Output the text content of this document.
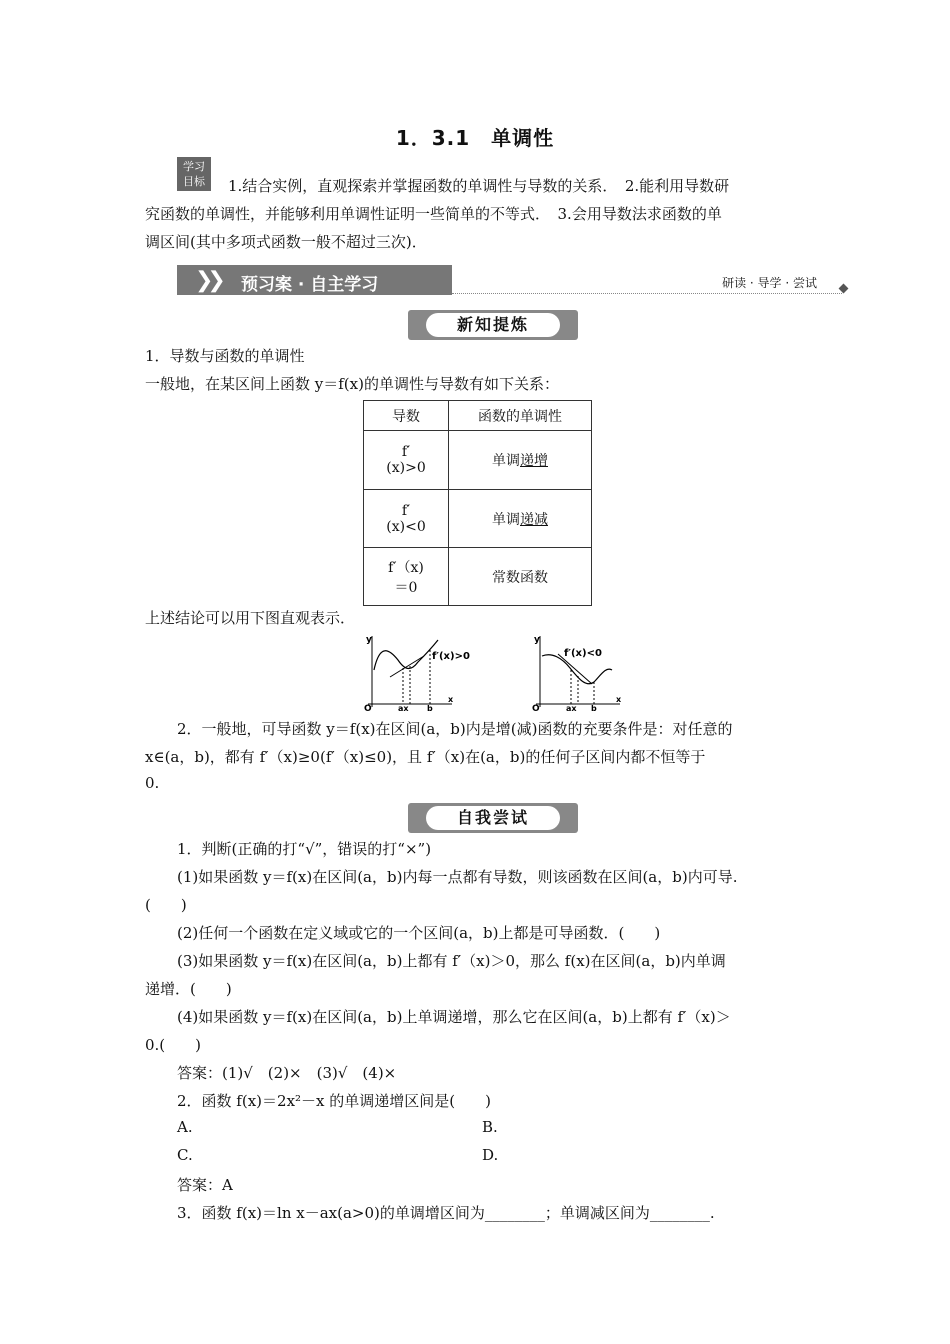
1．3.1　单调性
学习
目标	1.结合实例，直观探索并掌握函数的单调性与导数的关系．　2.能利用导数研
究函数的单调性，并能够利用单调性证明一些简单的不等式．　3.会用导数法求函数的单
调区间(其中多项式函数一般不超过三次)．
❯❯ 预习案 · 自主学习	研读 · 导学 · 尝试
新知提炼
1．导数与函数的单调性
一般地，在某区间上函数 y＝f(x)的单调性与导数有如下关系：
导数	函数的单调性

f′
(x)>0	单调递增

f′
(x)<0	单调递减

f′（x)
＝0	常数函数
上述结论可以用下图直观表示．
y
O	ax b
x
f′(x)>0
y
O	ax b
x
f′(x)<0
2．一般地，可导函数 y＝f(x)在区间(a，b)内是增(减)函数的充要条件是：对任意的
x∈(a，b)，都有 f′（x)≥0(f′（x)≤0)，且 f′（x)在(a，b)的任何子区间内都不恒等于
0.
自我尝试
1．判断(正确的打“√”，错误的打“×”)
(1)如果函数 y＝f(x)在区间(a，b)内每一点都有导数，则该函数在区间(a，b)内可导.
(　　)
(2)任何一个函数在定义域或它的一个区间(a，b)上都是可导函数．(　　)
(3)如果函数 y＝f(x)在区间(a，b)上都有 f′（x)＞0，那么 f(x)在区间(a，b)内单调
递增．(　　)
(4)如果函数 y＝f(x)在区间(a，b)上单调递增，那么它在区间(a，b)上都有 f′（x)＞
0.(　　)
答案：(1)√　(2)×　(3)√　(4)×
2．函数 f(x)＝2x²－x 的单调递增区间是(　　)
A.	B.
C.	D.
答案：A
3．函数 f(x)＝ln x－ax(a>0)的单调增区间为________；单调减区间为________.
